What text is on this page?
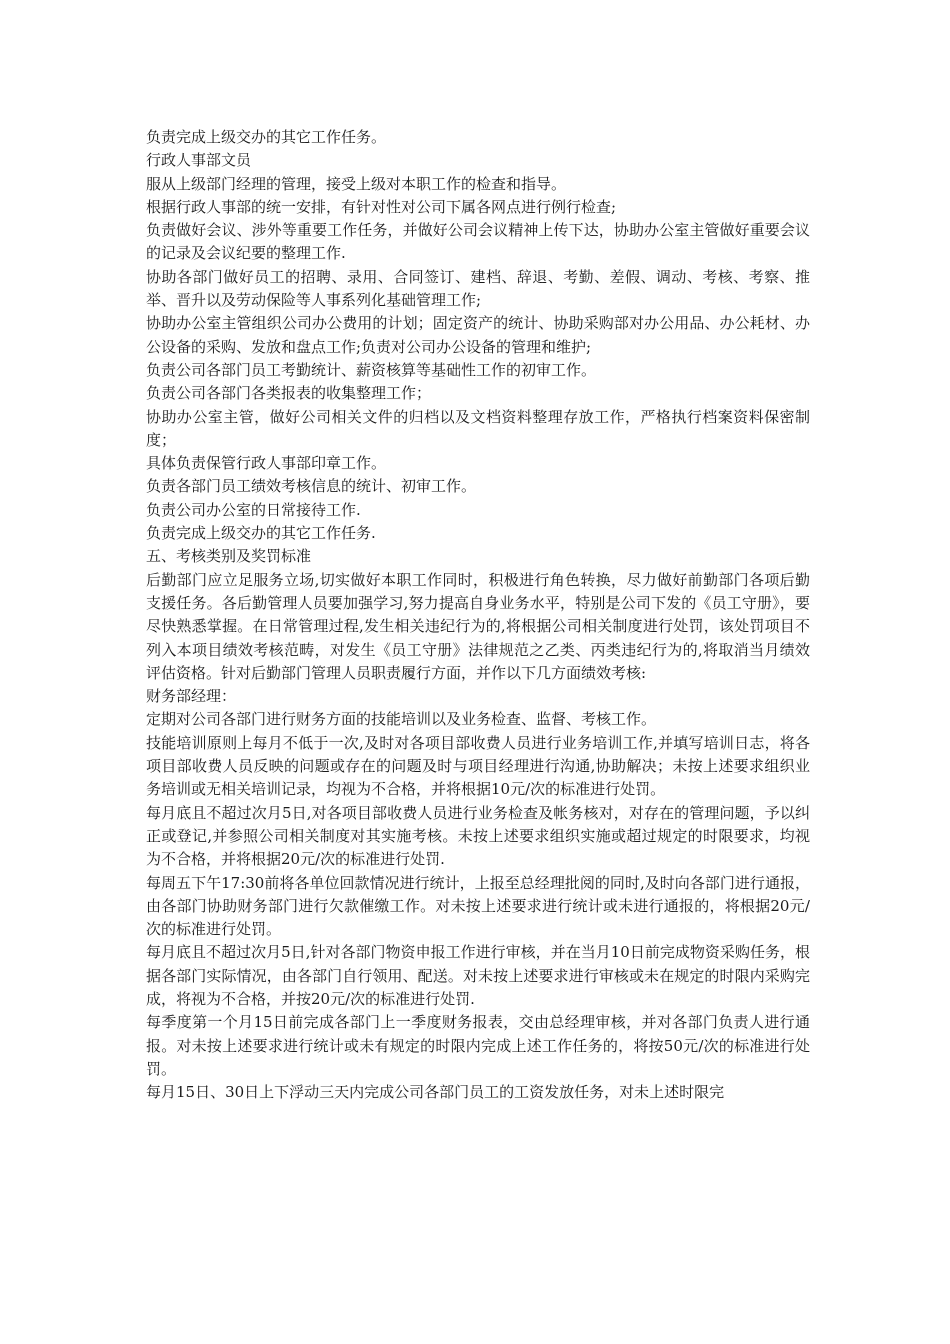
负责完成上级交办的其它工作任务。

行政人事部文员

服从上级部门经理的管理，接受上级对本职工作的检查和指导。

根据行政人事部的统一安排，有针对性对公司下属各网点进行例行检查;

负责做好会议、涉外等重要工作任务，并做好公司会议精神上传下达，协助办公室主管做好重要会议的记录及会议纪要的整理工作.

协助各部门做好员工的招聘、录用、合同签订、建档、辞退、考勤、差假、调动、考核、考察、推举、晋升以及劳动保险等人事系列化基础管理工作;

协助办公室主管组织公司办公费用的计划；固定资产的统计、协助采购部对办公用品、办公耗材、办公设备的采购、发放和盘点工作;负责对公司办公设备的管理和维护;

负责公司各部门员工考勤统计、薪资核算等基础性工作的初审工作。

负责公司各部门各类报表的收集整理工作；

协助办公室主管，做好公司相关文件的归档以及文档资料整理存放工作，严格执行档案资料保密制度；

具体负责保管行政人事部印章工作。

负责各部门员工绩效考核信息的统计、初审工作。

负责公司办公室的日常接待工作.

负责完成上级交办的其它工作任务.

五、考核类别及奖罚标准

后勤部门应立足服务立场,切实做好本职工作同时，积极进行角色转换，尽力做好前勤部门各项后勤支援任务。各后勤管理人员要加强学习,努力提高自身业务水平，特别是公司下发的《员工守册》，要尽快熟悉掌握。在日常管理过程,发生相关违纪行为的,将根据公司相关制度进行处罚，该处罚项目不列入本项目绩效考核范畴，对发生《员工守册》法律规范之乙类、丙类违纪行为的,将取消当月绩效评估资格。针对后勤部门管理人员职责履行方面，并作以下几方面绩效考核:

财务部经理：

定期对公司各部门进行财务方面的技能培训以及业务检查、监督、考核工作。

技能培训原则上每月不低于一次,及时对各项目部收费人员进行业务培训工作,并填写培训日志，将各项目部收费人员反映的问题或存在的问题及时与项目经理进行沟通,协助解决；未按上述要求组织业务培训或无相关培训记录，均视为不合格，并将根据10元/次的标准进行处罚。

每月底且不超过次月5日,对各项目部收费人员进行业务检查及帐务核对，对存在的管理问题，予以纠正或登记,并参照公司相关制度对其实施考核。未按上述要求组织实施或超过规定的时限要求，均视为不合格，并将根据20元/次的标准进行处罚.

每周五下午17:30前将各单位回款情况进行统计，上报至总经理批阅的同时,及时向各部门进行通报，由各部门协助财务部门进行欠款催缴工作。对未按上述要求进行统计或未进行通报的，将根据20元/次的标准进行处罚。

每月底且不超过次月5日,针对各部门物资申报工作进行审核，并在当月10日前完成物资采购任务，根据各部门实际情况，由各部门自行领用、配送。对未按上述要求进行审核或未在规定的时限内采购完成，将视为不合格，并按20元/次的标准进行处罚.

每季度第一个月15日前完成各部门上一季度财务报表，交由总经理审核，并对各部门负责人进行通报。对未按上述要求进行统计或未有规定的时限内完成上述工作任务的，将按50元/次的标准进行处罚。

每月15日、30日上下浮动三天内完成公司各部门员工的工资发放任务，对未上述时限完
